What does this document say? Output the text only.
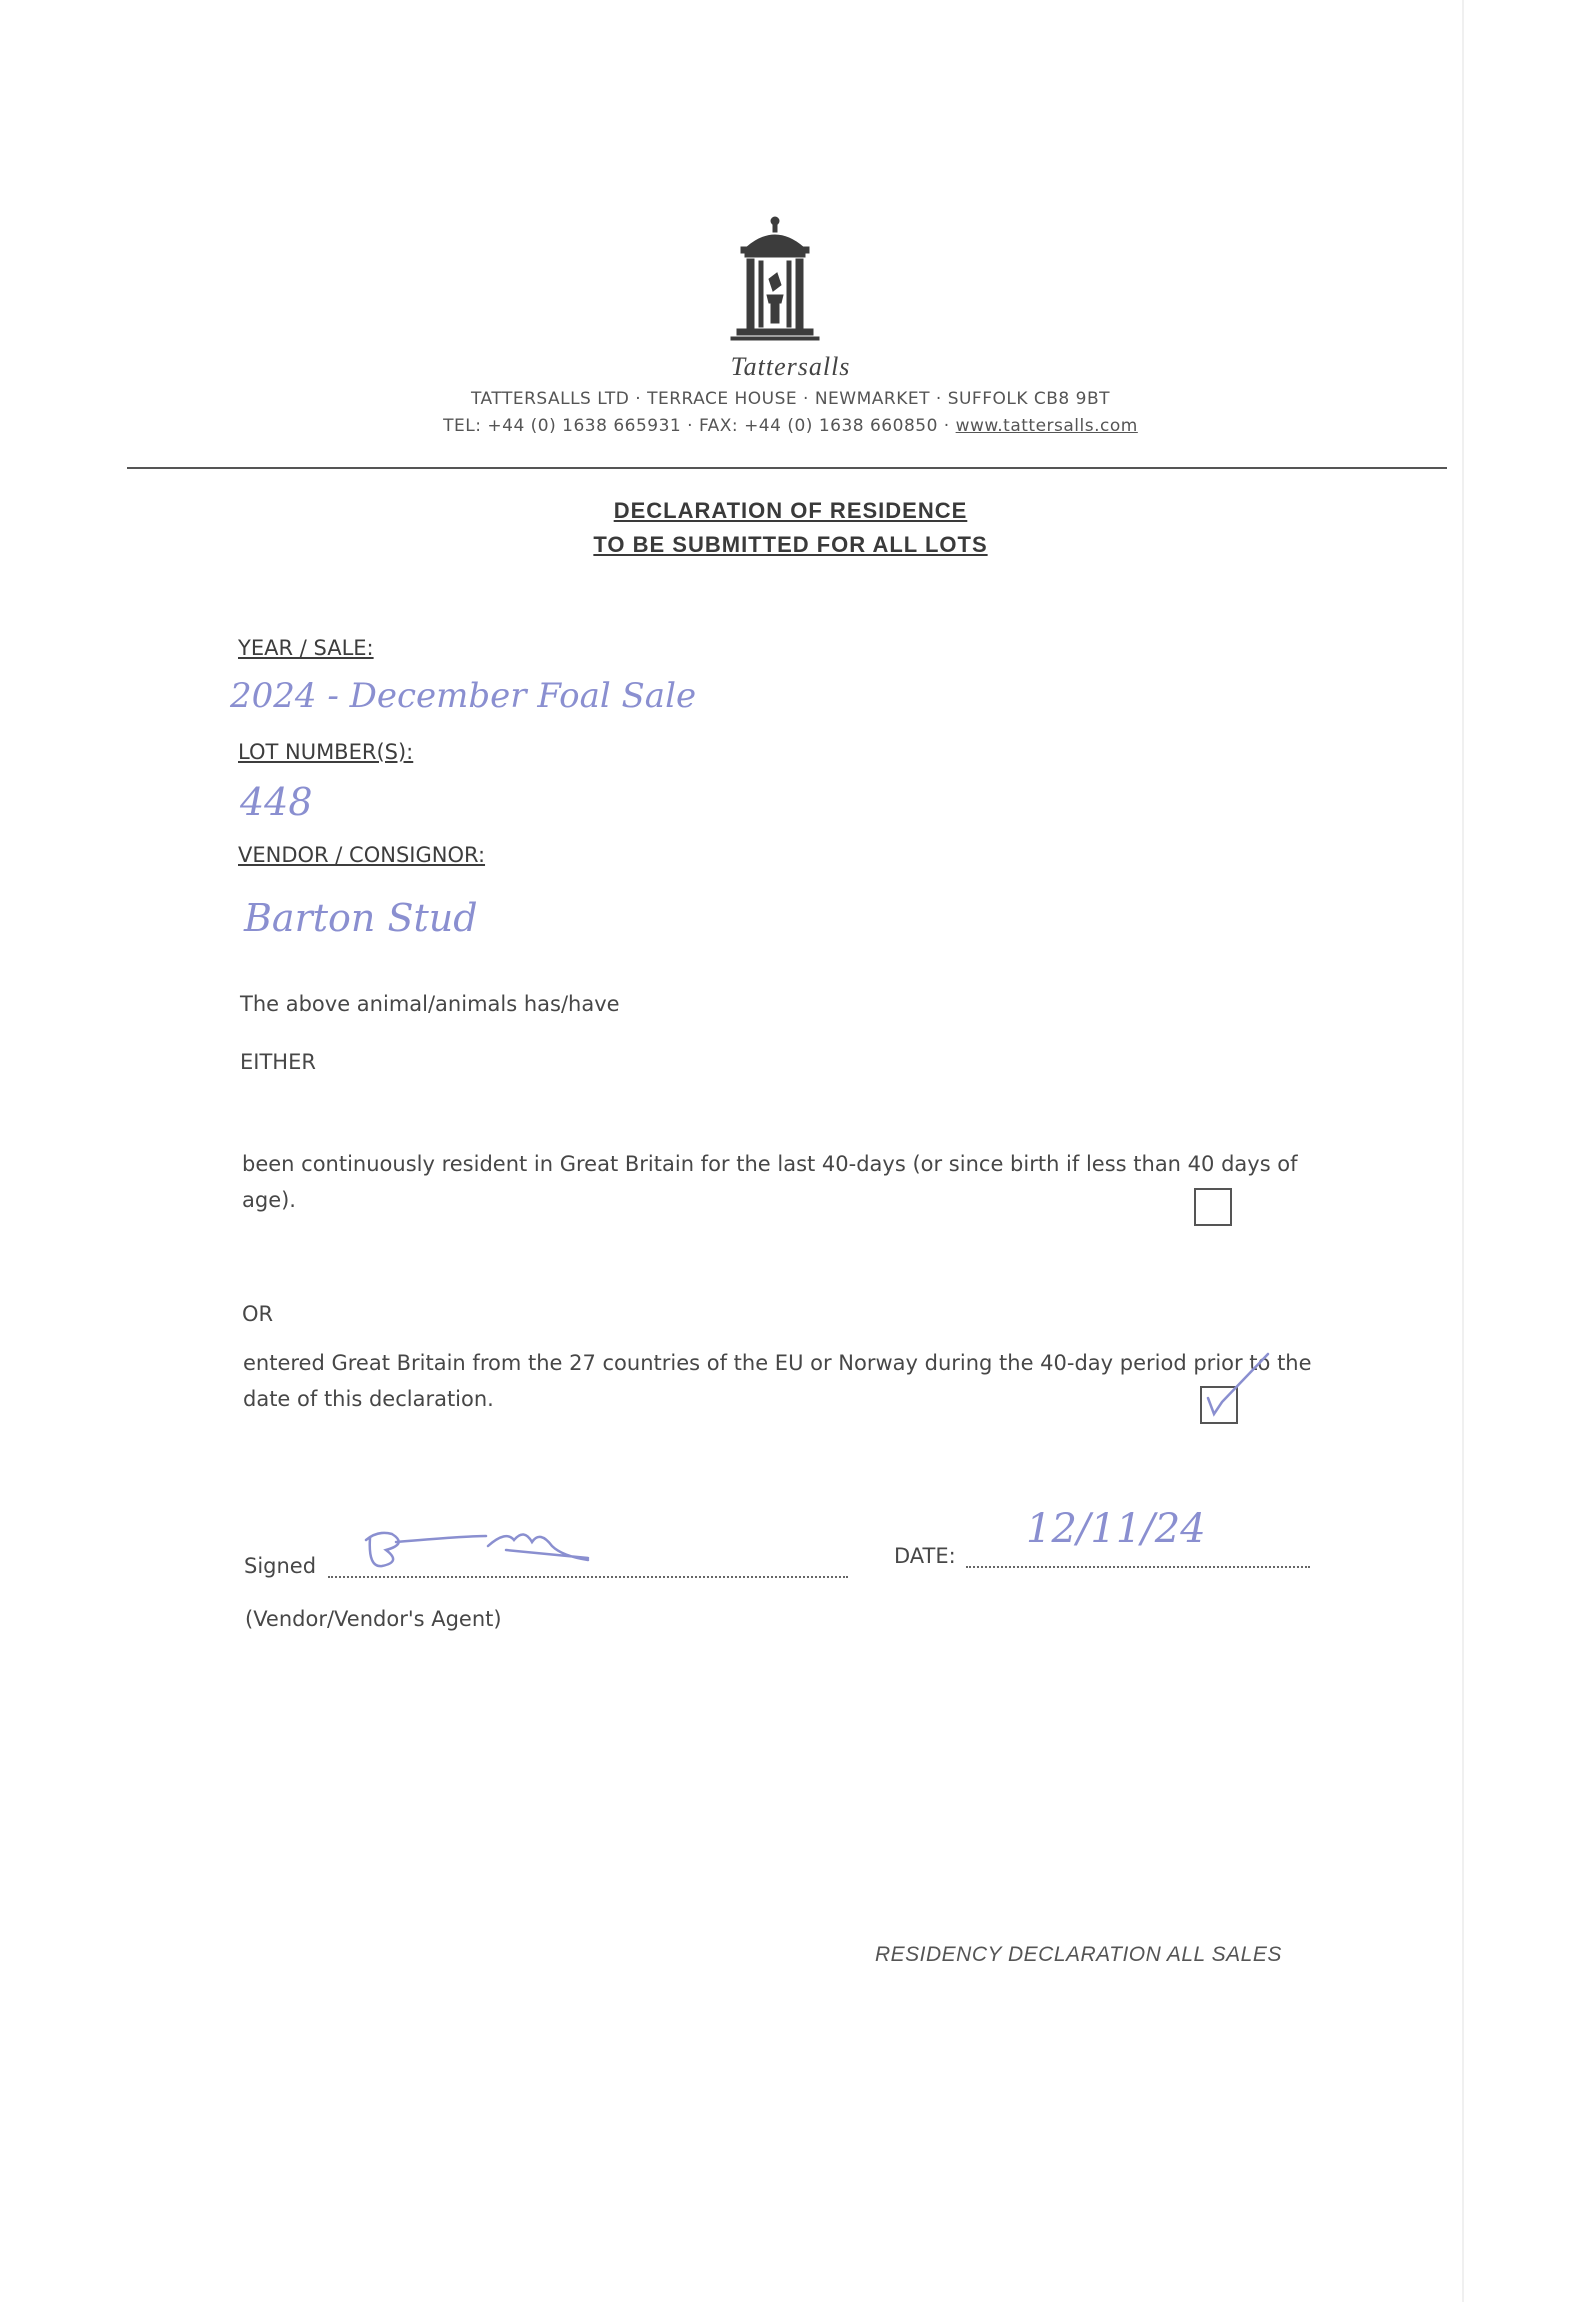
Tattersalls
TATTERSALLS LTD · TERRACE HOUSE · NEWMARKET · SUFFOLK CB8 9BT
TEL: +44 (0) 1638 665931 · FAX: +44 (0) 1638 660850 · www.tattersalls.com
DECLARATION OF RESIDENCE
TO BE SUBMITTED FOR ALL LOTS
YEAR / SALE:
2024 - December Foal Sale
LOT NUMBER(S):
448
VENDOR / CONSIGNOR:
Barton Stud
The above animal/animals has/have
EITHER
been continuously resident in Great Britain for the last 40-days (or since birth if less than 40 days of age).
OR
entered Great Britain from the 27 countries of the EU or Norway during the 40-day period prior to the date of this declaration.
Signed	DATE:
12/11/24
(Vendor/Vendor's Agent)
RESIDENCY DECLARATION ALL SALES
